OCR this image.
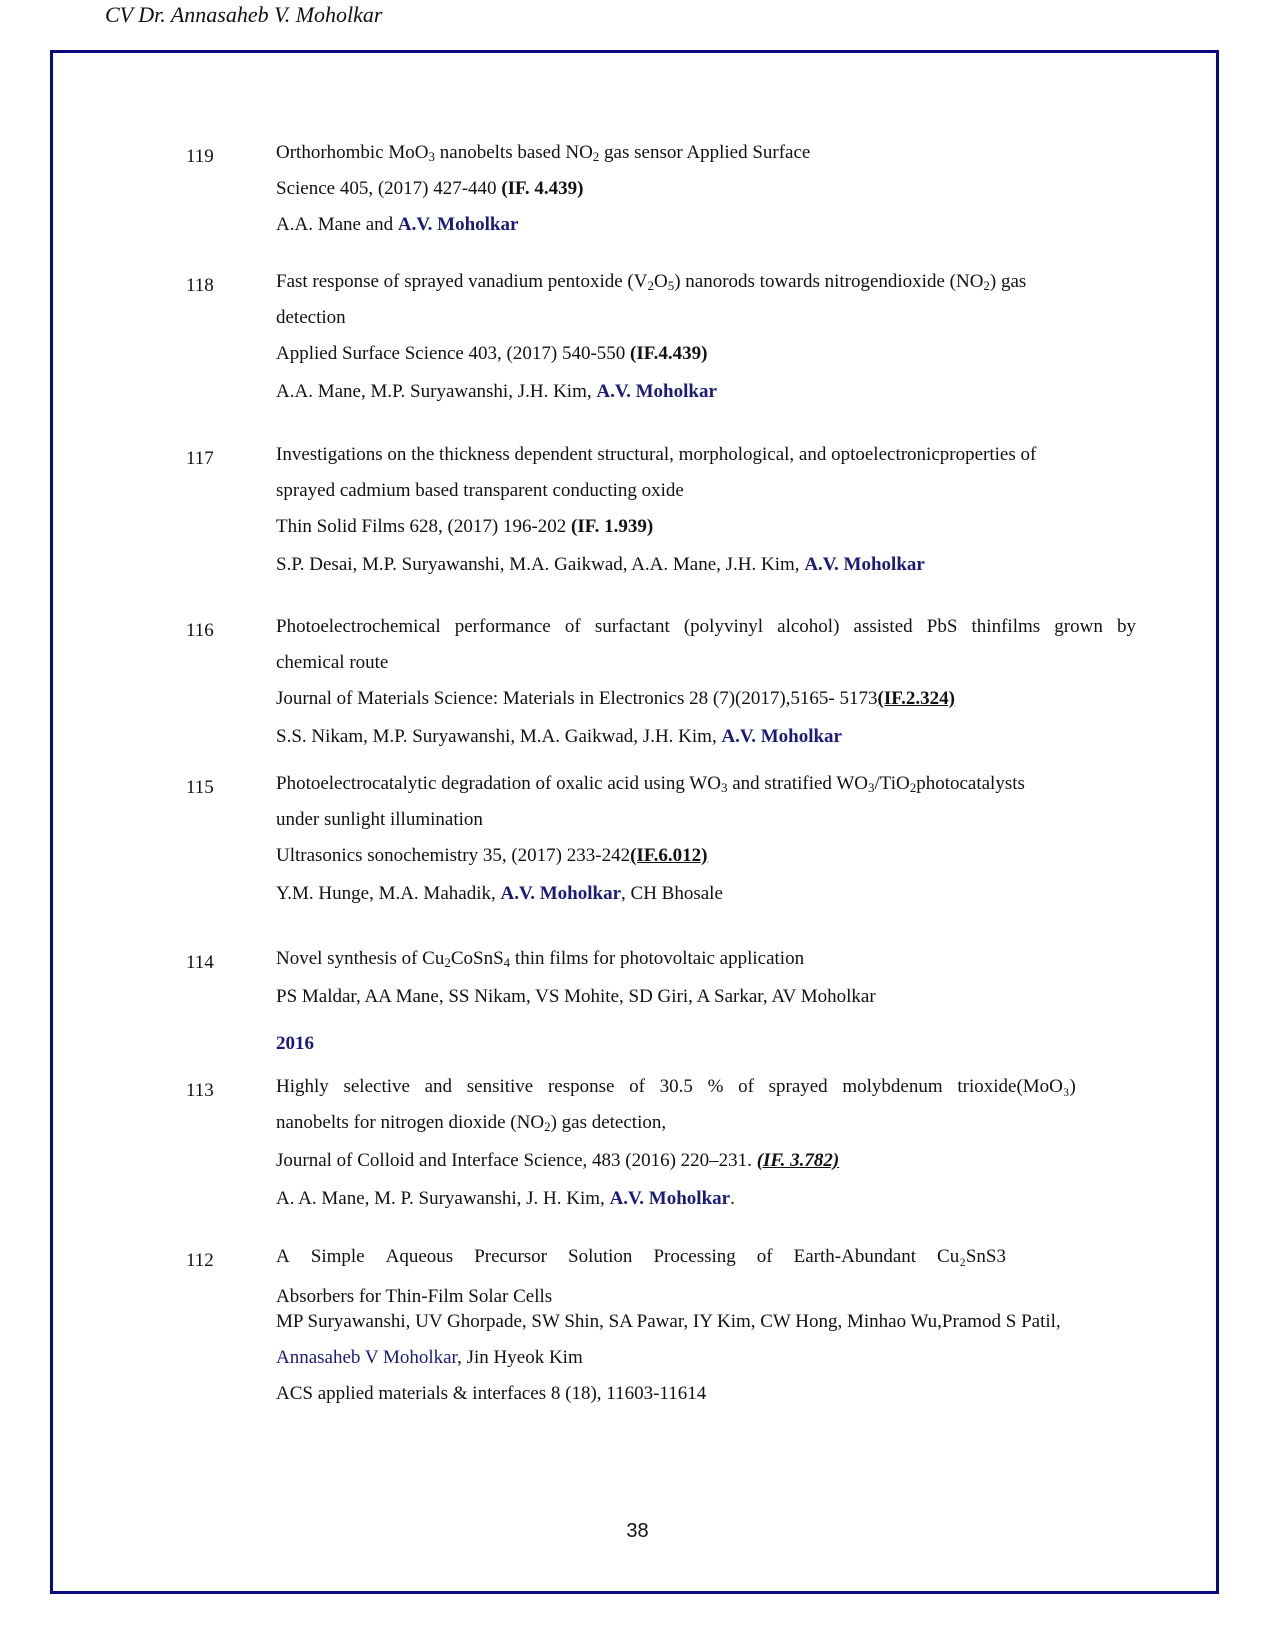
CV Dr. Annasaheb V. Moholkar
119	Orthorhombic MoO$_3$ nanobelts based $NO_2$ gas sensor Applied Surface
Science 405, (2017) 427-440 (IF. 4.439)
A.A. Mane and A.V. Moholkar
118	Fast response of sprayed vanadium pentoxide $(V_2O_5)$ nanorods towards nitrogendioxide $(NO_2)$ gas
detection
Applied Surface Science 403, (2017) 540-550 (IF.4.439)
A.A. Mane, M.P. Suryawanshi, J.H. Kim, A.V. Moholkar
117	Investigations on the thickness dependent structural, morphological, and optoelectronicproperties of
sprayed cadmium based transparent conducting oxide
Thin Solid Films 628, (2017) 196-202 (IF. 1.939)
S.P. Desai, M.P. Suryawanshi, M.A. Gaikwad, A.A. Mane, J.H. Kim, A.V. Moholkar
116	Photoelectrochemical performance of surfactant (polyvinyl alcohol) assisted PbS thinfilms grown by
chemical route
Journal of Materials Science: Materials in Electronics 28 (7)(2017),5165- 5173(IF.2.324)
S.S. Nikam, M.P. Suryawanshi, M.A. Gaikwad, J.H. Kim, A.V. Moholkar
115	Photoelectrocatalytic degradation of oxalic acid using $WO_3$ and stratified $WO_3/TiO_2photocatalysts$
under sunlight illumination
Ultrasonics sonochemistry 35, (2017) 233-242(IF.6.012)
Y.M. Hunge, M.A. Mahadik, A.V. Moholkar, CH Bhosale
114	Novel synthesis of $Cu_2CoSnS_4$ thin films for photovoltaic application
PS Maldar, AA Mane, SS Nikam, VS Mohite, SD Giri, A Sarkar, AV Moholkar
2016
113	Highly selective and sensitive response of 30.5 % of sprayed molybdenum trioxide(MoO₃)
nanobelts for nitrogen dioxide $(NO_2)$ gas detection,
Journal of Colloid and Interface Science, 483 (2016) 220–231. (IF. 3.782)
A. A. Mane, M. P. Suryawanshi, J. H. Kim, A.V. Moholkar.
112	A Simple Aqueous Precursor Solution Processing of Earth-Abundant Cu₂SnS3
Absorbers for Thin-Film Solar Cells
MP Suryawanshi, UV Ghorpade, SW Shin, SA Pawar, IY Kim, CW Hong, Minhao Wu,Pramod S Patil,
Annasaheb V Moholkar, Jin Hyeok Kim
ACS applied materials & interfaces 8 (18), 11603-11614
38
